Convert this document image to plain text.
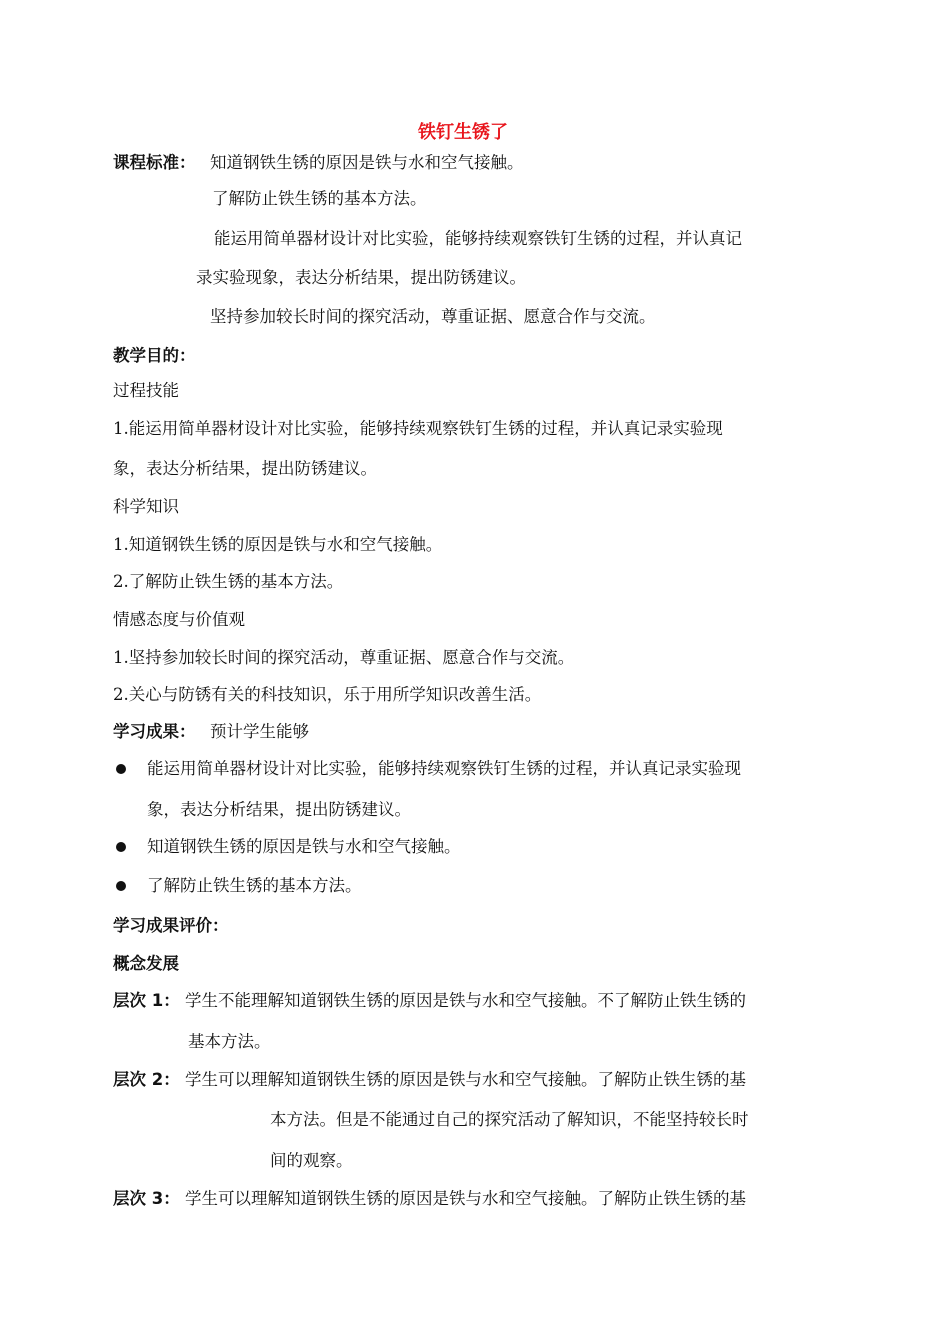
铁钉生锈了
课程标准： 知道钢铁生锈的原因是铁与水和空气接触。
了解防止铁生锈的基本方法。
能运用简单器材设计对比实验，能够持续观察铁钉生锈的过程，并认真记
录实验现象，表达分析结果，提出防锈建议。
坚持参加较长时间的探究活动，尊重证据、愿意合作与交流。
教学目的：
过程技能
1.能运用简单器材设计对比实验，能够持续观察铁钉生锈的过程，并认真记录实验现
象，表达分析结果，提出防锈建议。
科学知识
1.知道钢铁生锈的原因是铁与水和空气接触。
2.了解防止铁生锈的基本方法。
情感态度与价值观
1.坚持参加较长时间的探究活动，尊重证据、愿意合作与交流。
2.关心与防锈有关的科技知识，乐于用所学知识改善生活。
学习成果： 预计学生能够
能运用简单器材设计对比实验，能够持续观察铁钉生锈的过程，并认真记录实验现
象，表达分析结果，提出防锈建议。
知道钢铁生锈的原因是铁与水和空气接触。
了解防止铁生锈的基本方法。
学习成果评价：
概念发展
层次 1： 学生不能理解知道钢铁生锈的原因是铁与水和空气接触。不了解防止铁生锈的
基本方法。
层次 2： 学生可以理解知道钢铁生锈的原因是铁与水和空气接触。了解防止铁生锈的基
本方法。但是不能通过自己的探究活动了解知识，不能坚持较长时
间的观察。
层次 3： 学生可以理解知道钢铁生锈的原因是铁与水和空气接触。了解防止铁生锈的基
